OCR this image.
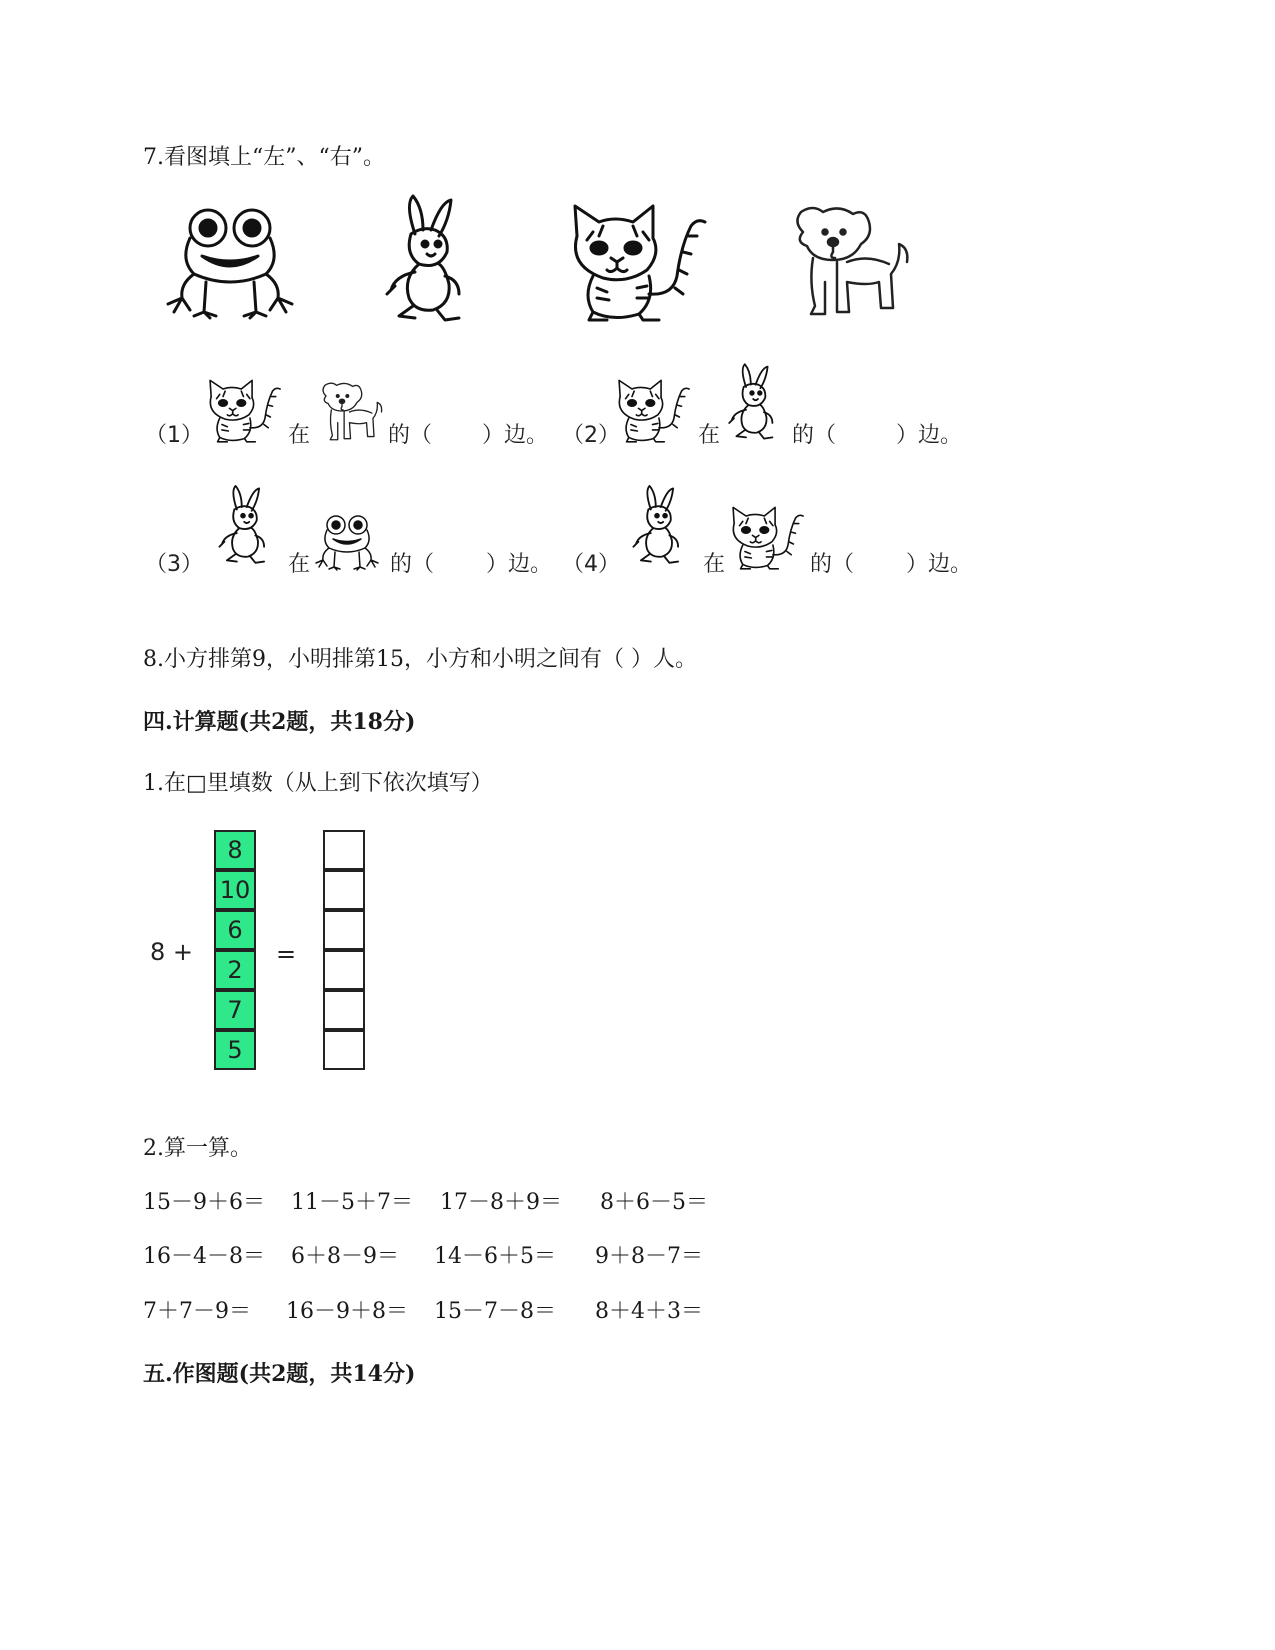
7.看图填上“左”、“右”。
（1）	在	的（ ）边。 （2）	在	的（	）边。
（3）	在	的（ ）边。 （4）	在	的（ ）边。
8.小方排第9，小明排第15，小方和小明之间有（ ）人。
四.计算题(共2题，共18分)
1.在□里填数（从上到下依次填写）
8 +	=
8
10
6
2
7
5
2.算一算。
15－9＋6＝ 11－5＋7＝ 17－8＋9＝ 8＋6－5＝
16－4－8＝ 6＋8－9＝ 14－6＋5＝ 9＋8－7＝
7＋7－9＝ 16－9＋8＝ 15－7－8＝ 8＋4＋3＝
五.作图题(共2题，共14分)
